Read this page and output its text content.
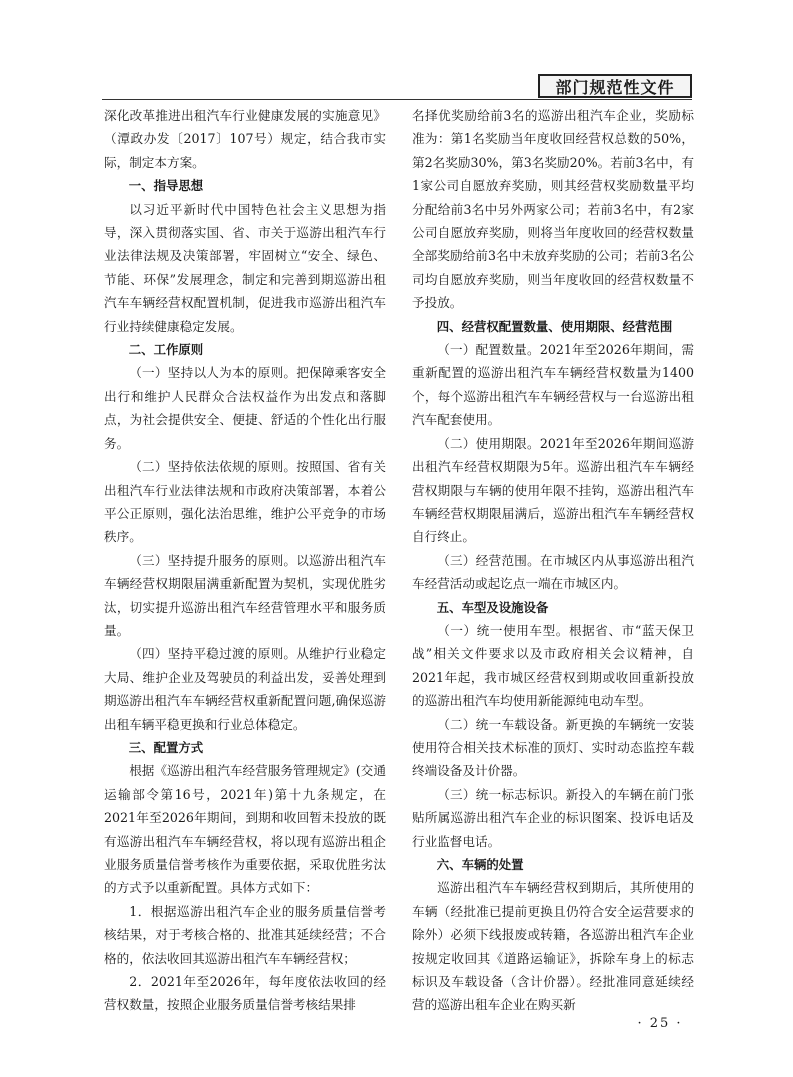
部门规范性文件

深化改革推进出租汽车行业健康发展的实施意见》（潭政办发〔2017〕107号）规定，结合我市实际，制定本方案。

一、指导思想

以习近平新时代中国特色社会主义思想为指导，深入贯彻落实国、省、市关于巡游出租汽车行业法律法规及决策部署，牢固树立“安全、绿色、节能、环保”发展理念，制定和完善到期巡游出租汽车车辆经营权配置机制，促进我市巡游出租汽车行业持续健康稳定发展。

二、工作原则

（一）坚持以人为本的原则。把保障乘客安全出行和维护人民群众合法权益作为出发点和落脚点，为社会提供安全、便捷、舒适的个性化出行服务。

（二）坚持依法依规的原则。按照国、省有关出租汽车行业法律法规和市政府决策部署，本着公平公正原则，强化法治思维，维护公平竞争的市场秩序。

（三）坚持提升服务的原则。以巡游出租汽车车辆经营权期限届满重新配置为契机，实现优胜劣汰，切实提升巡游出租汽车经营管理水平和服务质量。

（四）坚持平稳过渡的原则。从维护行业稳定大局、维护企业及驾驶员的利益出发，妥善处理到期巡游出租汽车车辆经营权重新配置问题,确保巡游出租车辆平稳更换和行业总体稳定。

三、配置方式

根据《巡游出租汽车经营服务管理规定》(交通运输部令第16号，2021年)第十九条规定，在2021年至2026年期间，到期和收回暂未投放的既有巡游出租汽车车辆经营权，将以现有巡游出租企业服务质量信誉考核作为重要依据，采取优胜劣汰的方式予以重新配置。具体方式如下：

1．根据巡游出租汽车企业的服务质量信誉考核结果，对于考核合格的、批准其延续经营；不合格的，依法收回其巡游出租汽车车辆经营权；

2．2021年至2026年，每年度依法收回的经营权数量，按照企业服务质量信誉考核结果排

名择优奖励给前3名的巡游出租汽车企业，奖励标准为：第1名奖励当年度收回经营权总数的50%，第2名奖励30%，第3名奖励20%。若前3名中，有1家公司自愿放弃奖励，则其经营权奖励数量平均分配给前3名中另外两家公司；若前3名中，有2家公司自愿放弃奖励，则将当年度收回的经营权数量全部奖励给前3名中未放弃奖励的公司；若前3名公司均自愿放弃奖励，则当年度收回的经营权数量不予投放。

四、经营权配置数量、使用期限、经营范围

（一）配置数量。2021年至2026年期间，需重新配置的巡游出租汽车车辆经营权数量为1400个，每个巡游出租汽车车辆经营权与一台巡游出租汽车配套使用。

（二）使用期限。2021年至2026年期间巡游出租汽车经营权期限为5年。巡游出租汽车车辆经营权期限与车辆的使用年限不挂钩，巡游出租汽车车辆经营权期限届满后，巡游出租汽车车辆经营权自行终止。

（三）经营范围。在市城区内从事巡游出租汽车经营活动或起讫点一端在市城区内。

五、车型及设施设备

（一）统一使用车型。根据省、市“蓝天保卫战”相关文件要求以及市政府相关会议精神，自2021年起，我市城区经营权到期或收回重新投放的巡游出租汽车均使用新能源纯电动车型。

（二）统一车载设备。新更换的车辆统一安装使用符合相关技术标准的顶灯、实时动态监控车载终端设备及计价器。

（三）统一标志标识。新投入的车辆在前门张贴所属巡游出租汽车企业的标识图案、投诉电话及行业监督电话。

六、车辆的处置

巡游出租汽车车辆经营权到期后，其所使用的车辆（经批准已提前更换且仍符合安全运营要求的除外）必须下线报废或转籍，各巡游出租汽车企业按规定收回其《道路运输证》，拆除车身上的标志标识及车载设备（含计价器）。经批准同意延续经营的巡游出租车企业在购买新

· 25 ·
